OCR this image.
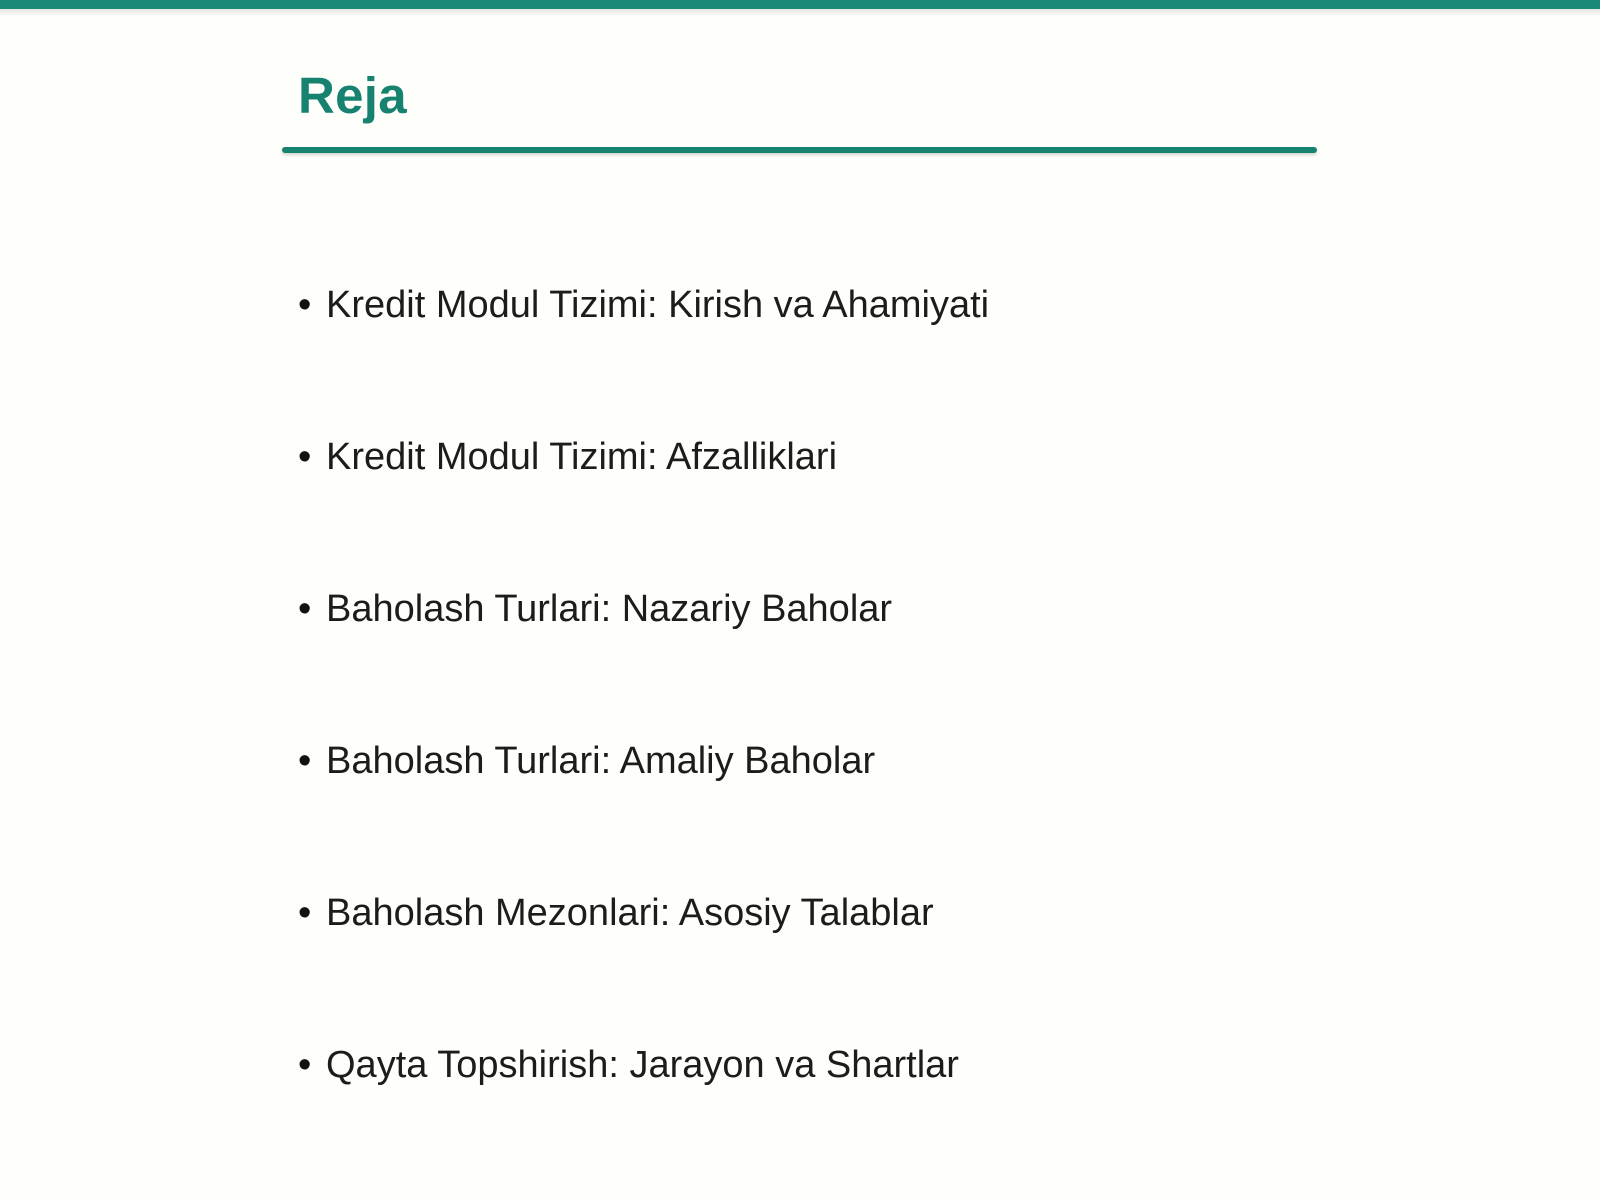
Reja
• Kredit Modul Tizimi: Kirish va Ahamiyati
• Kredit Modul Tizimi: Afzalliklari
• Baholash Turlari: Nazariy Baholar
• Baholash Turlari: Amaliy Baholar
• Baholash Mezonlari: Asosiy Talablar
• Qayta Topshirish: Jarayon va Shartlar
